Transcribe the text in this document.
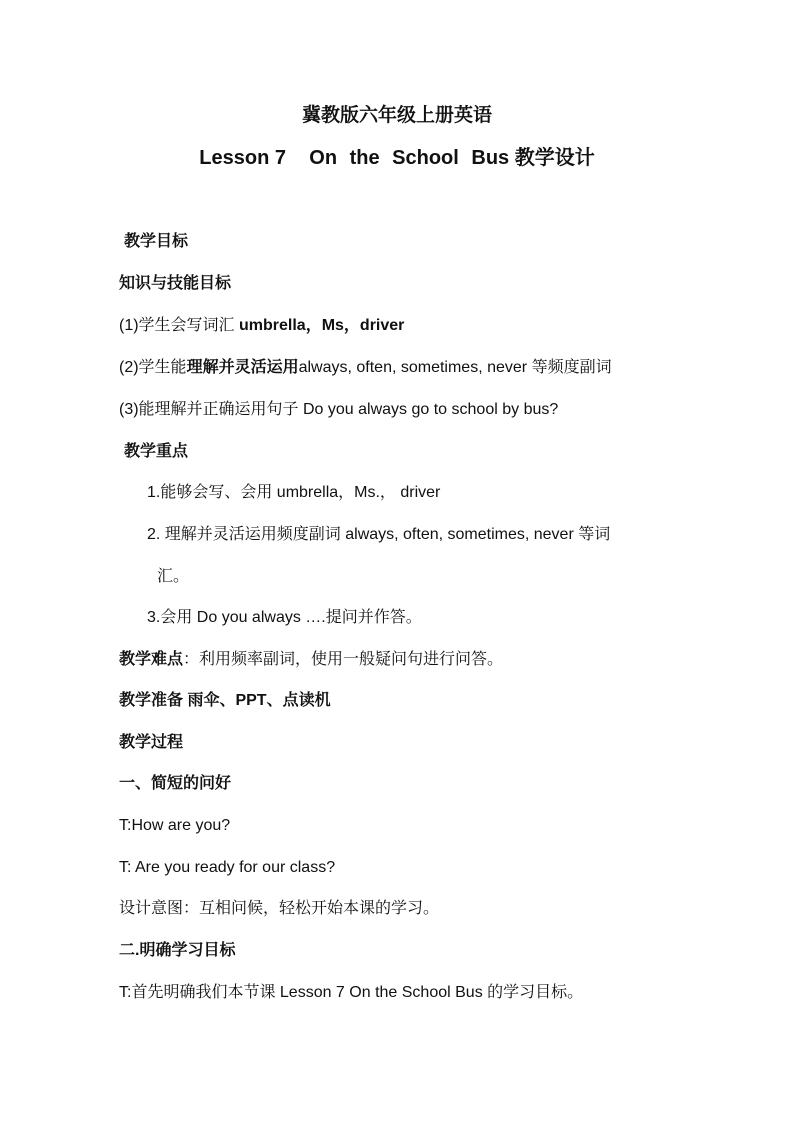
冀教版六年级上册英语
Lesson 7 On the School Bus 教学设计
教学目标
知识与技能目标
(1)学生会写词汇 umbrella，Ms，driver
(2)学生能理解并灵活运用always, often, sometimes, never 等频度副词
(3)能理解并正确运用句子 Do you always go to school by bus?
教学重点
1.能够会写、会用 umbrella，Ms.， driver
2. 理解并灵活运用频度副词 always, often, sometimes, never 等词
汇。
3.会用 Do you always ….提问并作答。
教学难点：利用频率副词，使用一般疑问句进行问答。
教学准备 雨伞、PPT、点读机
教学过程
一、简短的问好
T:How are you?
T: Are you ready for our class?
设计意图：互相问候，轻松开始本课的学习。
二.明确学习目标
T:首先明确我们本节课 Lesson 7 On the School Bus 的学习目标。
